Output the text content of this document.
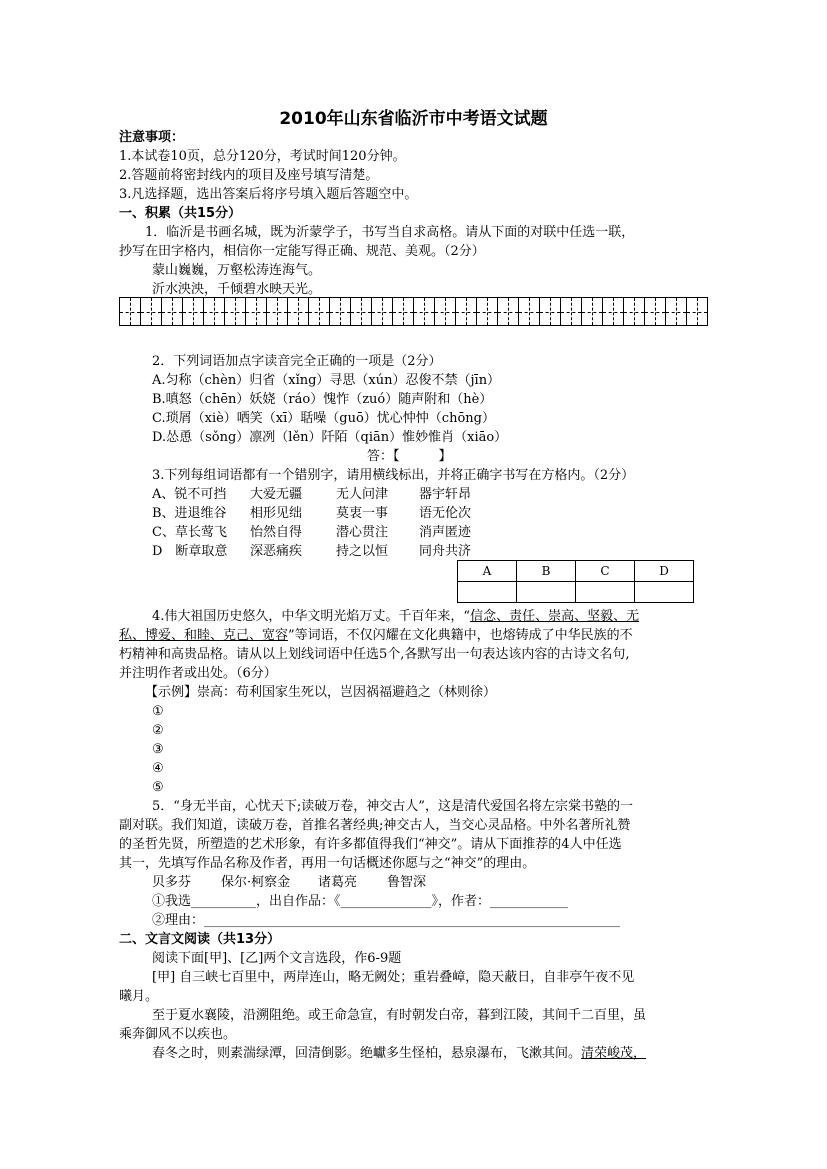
2010年山东省临沂市中考语文试题
注意事项：
1.本试卷10页，总分120分，考试时间120分钟。
2.答题前将密封线内的项目及座号填写清楚。
3.凡选择题，选出答案后将序号填入题后答题空中。
一、积累（共15分）
1．临沂是书画名城，既为沂蒙学子，书写当自求高格。请从下面的对联中任选一联，
抄写在田字格内，相信你一定能写得正确、规范、美观。（2分）
蒙山巍巍，万壑松涛连海气。
沂水泱泱，千倾碧水映天光。

2．下列词语加点字读音完全正确的一项是（2分）
A.匀称（chèn）归省（xǐng）寻思（xún）忍俊不禁（jīn）
B.嗔怒（chēn）妖娆（ráo）愧怍（zuó）随声附和（hè）
C.琐屑（xiè）哂笑（xī）聒噪（guō）忧心忡忡（chōng）
D.怂恿（sǒng）凛冽（lěn）阡陌（qiān）惟妙惟肖（xiāo）
答：【　　　】
3.下列每组词语都有一个错别字，请用横线标出，并将正确字书写在方格内。（2分）
A、锐不可挡 大爱无疆	无人问津 器宇轩昂
B、进退维谷 相形见绌	莫衷一事 语无伦次
C、草长莺飞 怡然自得	潜心贯注 消声匿迹
D　断章取意 深恶痛疾	持之以恒 同舟共济
A	B	C	D

4.伟大祖国历史悠久，中华文明光焰万丈。千百年来，“信念、责任、崇高、坚毅、无
私、博爱、和睦、克己、宽容”等词语，不仅闪耀在文化典籍中，也熔铸成了中华民族的不
朽精神和高贵品格。请从以上划线词语中任选5个,各默写出一句表达该内容的古诗文名句,
并注明作者或出处。（6分）
【示例】崇高：苟利国家生死以，岂因祸福避趋之（林则徐）
①
②
③
④
⑤
5．“身无半亩，心忧天下;读破万卷，神交古人”，这是清代爱国名将左宗棠书塾的一
副对联。我们知道，读破万卷，首推名著经典;神交古人，当交心灵品格。中外名著所礼赞
的圣哲先贤，所塑造的艺术形象，有许多都值得我们“神交”。请从下面推荐的4人中任选
其一，先填写作品名称及作者，再用一句话概述你愿与之“神交”的理由。
贝多芬 保尔·柯察金 诸葛亮 鲁智深
①我选__________，出自作品：《______________》，作者：____________
②理由：________________________________________________________________
二、文言文阅读（共13分）
阅读下面[甲]、[乙]两个文言选段，作6-9题
[甲] 自三峡七百里中，两岸连山，略无阙处；重岩叠嶂，隐天蔽日，自非亭午夜不见
曦月。
至于夏水襄陵，沿溯阻绝。或王命急宣，有时朝发白帝，暮到江陵，其间千二百里，虽
乘奔御风不以疾也。
春冬之时，则素湍绿潭，回清倒影。绝巘多生怪柏，悬泉瀑布，飞漱其间。清荣峻茂，
